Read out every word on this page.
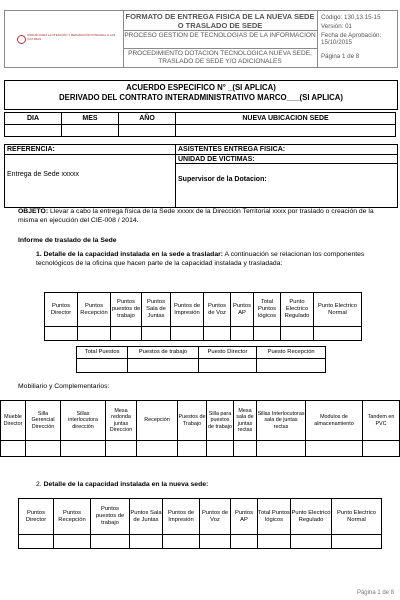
UNIDAD PARA LA ATENCIÓN Y REPARACIÓN INTEGRAL A LAS VÍCTIMAS
FORMATO DE ENTREGA FISICA DE LA NUEVA SEDE O TRASLADO DE SEDE
PROCESO GESTION DE TECNOLOGIAS DE LA INFORMACION
PROCEDIMIENTO DOTACION TECNOLOGICA NUEVA SEDE, TRASLADO DE SEDE Y/O ADICIONALES
Código: 130,13.15-15
Versión: 01
Fecha de Aprobación: 15/10/2015
Página 1 de 8
ACUERDO ESPECIFICO N° _(SI APLICA)
DERIVADO DEL CONTRATO INTERADMINISTRATIVO MARCO___(SI APLICA)
DIA	MES	AÑO	NUEVA UBICACION SEDE

REFERENCIA:
Entrega de Sede xxxxx
ASISTENTES ENTREGA FISICA:
UNIDAD DE VICTIMAS:
Supervisor de la Dotacion:
OBJETO: Llevar a cabo la entrega física de la Sede xxxxx de la Dirección Territorial xxxx por traslado o creación de la misma en ejecución del CIE-008 / 2014.
Informe de traslado de la Sede
1. Detalle de la capacidad instalada en la sede a trasladar: A continuación se relacionan los componentes tecnológicos de la oficina que hacen parte de la capacidad instalada y trasladada:
Puntos Director	Puntos Recepción	Puntos puestos de trabajo	Puntos Sala de Juntas	Puntos de Impresión	Puntos de Voz	Puntos AP	Total Puntos lógicos	Punto Electrico Regulado	Punto Electrico Normal

Total Puestos	Puestos de trabajo	Puesto Director	Puesto Recepción

Mobiliario y Complementarios:
Mueble Director	Silla Gerencial Dirección	Sillas interlocutora dirección	Mesa redonda juntas Direccion	Recepción	Puestos de Trabajo	Silla para puestos de trabajo	Mesa sala de juntas rectas	Sillas Interlocutoras sala de juntas rectas	Modulos de almacenamiento	Tandem en PVC

2. Detalle de la capacidad instalada en la nueva sede:
Puntos Director	Puntos Recepción	Puntos puestos de trabajo	Puntos Sala de Juntas	Puntos de Impresión	Puntos de Voz	Puntos AP	Total Puntos lógicos	Punto Electrico Regulado	Punto Electrico Normal

Página 1 de 8
